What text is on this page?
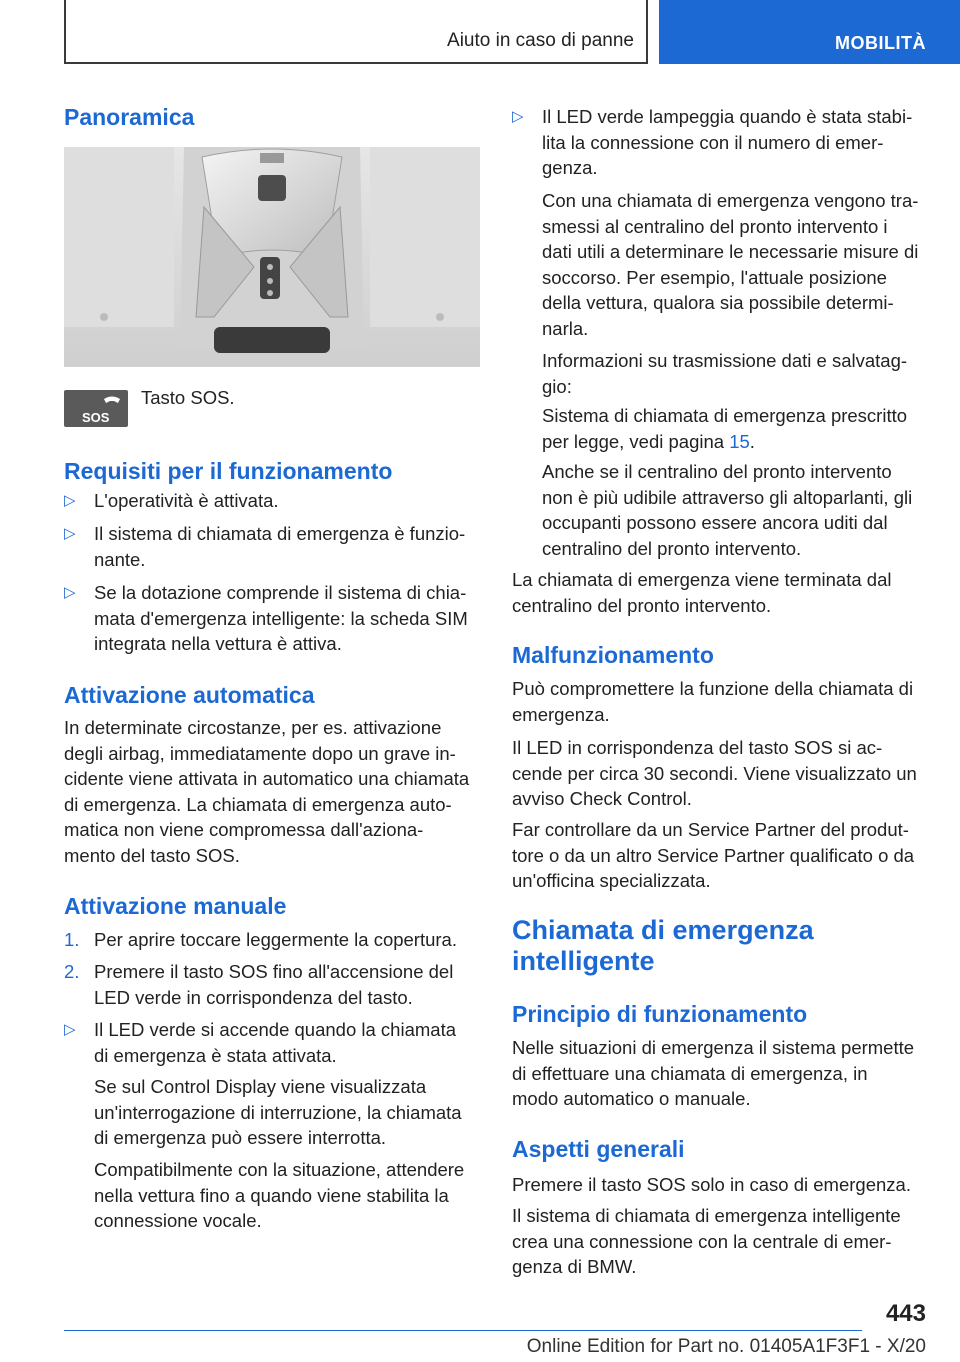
Aiuto in caso di panne	MOBILITÀ
Panoramica
SOS

Tasto SOS.

Requisiti per il funzionamento
▷ L'operatività è attivata.
▷ Il sistema di chiamata di emergenza è funzio-
nante.
▷ Se la dotazione comprende il sistema di chia-
mata d'emergenza intelligente: la scheda SIM
integrata nella vettura è attiva.
Attivazione automatica
In determinate circostanze, per es. attivazione
degli airbag, immediatamente dopo un grave in-
cidente viene attivata in automatico una chiamata
di emergenza. La chiamata di emergenza auto-
matica non viene compromessa dall'aziona-
mento del tasto SOS.
Attivazione manuale
1. Per aprire toccare leggermente la copertura.
2. Premere il tasto SOS fino all'accensione del
LED verde in corrispondenza del tasto.
▷ Il LED verde si accende quando la chiamata
di emergenza è stata attivata.
Se sul Control Display viene visualizzata
un'interrogazione di interruzione, la chiamata
di emergenza può essere interrotta.
Compatibilmente con la situazione, attendere
nella vettura fino a quando viene stabilita la
connessione vocale.
▷ Il LED verde lampeggia quando è stata stabi-
lita la connessione con il numero di emer-
genza.
Con una chiamata di emergenza vengono tra-
smessi al centralino del pronto intervento i
dati utili a determinare le necessarie misure di
soccorso. Per esempio, l'attuale posizione
della vettura, qualora sia possibile determi-
narla.
Informazioni su trasmissione dati e salvatag-
gio:
Sistema di chiamata di emergenza prescritto
per legge, vedi pagina 15.
Anche se il centralino del pronto intervento
non è più udibile attraverso gli altoparlanti, gli
occupanti possono essere ancora uditi dal
centralino del pronto intervento.
La chiamata di emergenza viene terminata dal
centralino del pronto intervento.
Malfunzionamento
Può compromettere la funzione della chiamata di
emergenza.
Il LED in corrispondenza del tasto SOS si ac-
cende per circa 30 secondi. Viene visualizzato un
avviso Check Control.
Far controllare da un Service Partner del produt-
tore o da un altro Service Partner qualificato o da
un'officina specializzata.
Chiamata di emergenza
intelligente
Principio di funzionamento
Nelle situazioni di emergenza il sistema permette
di effettuare una chiamata di emergenza, in
modo automatico o manuale.
Aspetti generali
Premere il tasto SOS solo in caso di emergenza.
Il sistema di chiamata di emergenza intelligente
crea una connessione con la centrale di emer-
genza di BMW.
443
Online Edition for Part no. 01405A1F3F1 - X/20
